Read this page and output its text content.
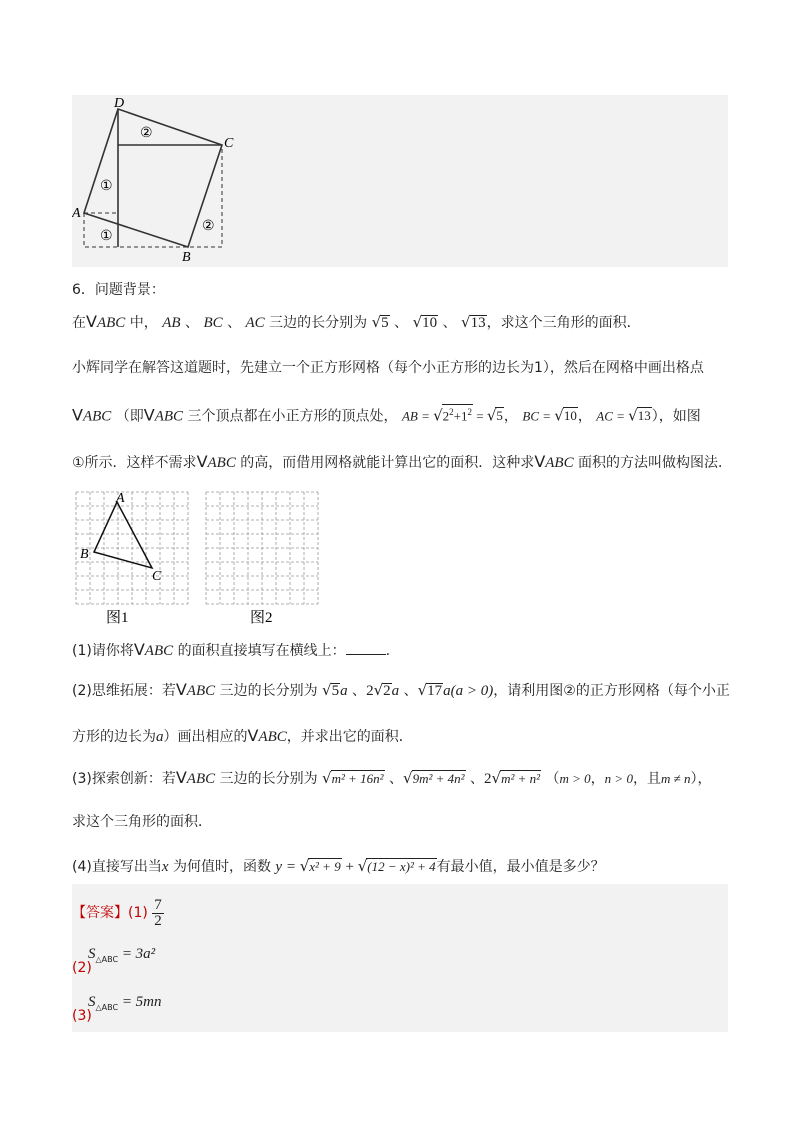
D
C
A
B
②
①
①
②
6．问题背景：
在VABC 中， AB 、 BC 、 AC 三边的长分别为 √5 、 √10 、 √13，求这个三角形的面积．
小辉同学在解答这道题时，先建立一个正方形网格（每个小正方形的边长为1），然后在网格中画出格点
VABC （即VABC 三个顶点都在小正方形的顶点处， AB = $√2^2+1^2 = √5$， BC = √10， AC = √13），如图
①所示．这样不需求VABC 的高，而借用网格就能计算出它的面积．这种求VABC 面积的方法叫做构图法．
A
B
C
图1	图2
(1)请你将VABC 的面积直接填写在横线上：	.
(2)思维拓展：若VABC 三边的长分别为 √5a 、2√2a 、√17a(a > 0)，请利用图②的正方形网格（每个小正
方形的边长为a）画出相应的VABC，并求出它的面积．
(3)探索创新：若VABC 三边的长分别为 √m² + 16n² 、√9m² + 4n² 、2√m² + n² （m > 0，n > 0，且m ≠ n），
求这个三角形的面积．
(4)直接写出当x 为何值时，函数 y = √x² + 9 + √(12 − x)² + 4有最小值，最小值是多少？
【答案】$(1) \frac{7}{2}$
$S_{\triangle ABC} = 3a^2$
(2)
$S_{\triangle ABC} = 5mn$
(3)
